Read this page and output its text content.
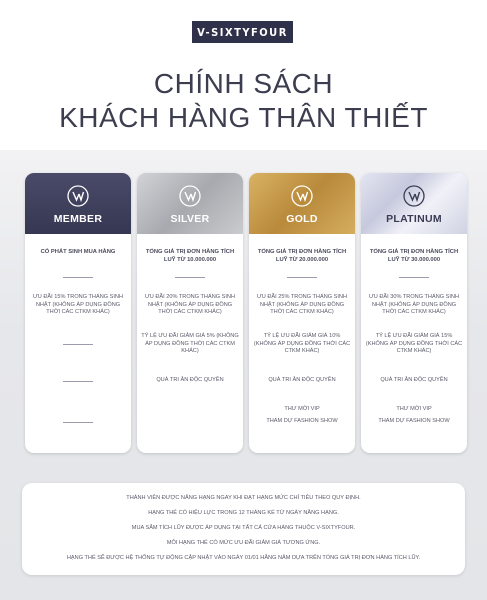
V-SIXTYFOUR
CHÍNH SÁCH
KHÁCH HÀNG THÂN THIẾT
MEMBER
CÓ PHÁT SINH MUA HÀNG
ƯU ĐÃI 15% TRONG THÁNG SINH NHẬT (KHÔNG ÁP DỤNG ĐỒNG THỜI CÁC CTKM KHÁC)
SILVER
TỔNG GIÁ TRỊ ĐƠN HÀNG TÍCH LUỸ TỪ 10.000.000
ƯU ĐÃI 20% TRONG THÁNG SINH NHẬT (KHÔNG ÁP DỤNG ĐỒNG THỜI CÁC CTKM KHÁC)
TỶ LỆ ƯU ĐÃI GIẢM GIÁ 5% (KHÔNG ÁP DỤNG ĐỒNG THỜI CÁC CTKM KHÁC)
QUÀ TRI ÂN ĐỘC QUYỀN
GOLD
TỔNG GIÁ TRỊ ĐƠN HÀNG TÍCH LUỸ TỪ 20.000.000
ƯU ĐÃI 25% TRONG THÁNG SINH NHẬT (KHÔNG ÁP DỤNG ĐỒNG THỜI CÁC CTKM KHÁC)
TỶ LỆ ƯU ĐÃI GIẢM GIÁ 10% (KHÔNG ÁP DỤNG ĐỒNG THỜI CÁC CTKM KHÁC)
QUÀ TRI ÂN ĐỘC QUYỀN
THƯ MỜI VIP
THAM DỰ FASHION SHOW
PLATINUM
TỔNG GIÁ TRỊ ĐƠN HÀNG TÍCH LUỸ TỪ 30.000.000
ƯU ĐÃI 30% TRONG THÁNG SINH NHẬT (KHÔNG ÁP DỤNG ĐỒNG THỜI CÁC CTKM KHÁC)
TỶ LỆ ƯU ĐÃI GIẢM GIÁ 15% (KHÔNG ÁP DỤNG ĐỒNG THỜI CÁC CTKM KHÁC)
QUÀ TRI ÂN ĐỘC QUYỀN
THƯ MỜI VIP
THAM DỰ FASHION SHOW
THÀNH VIÊN ĐƯỢC NÂNG HẠNG NGAY KHI ĐẠT HẠNG MỨC CHỈ TIÊU THEO QUY ĐỊNH.
HẠNG THẺ CÓ HIỆU LỰC TRONG 12 THÁNG KỂ TỪ NGÀY NÂNG HẠNG.
MUA SẮM TÍCH LŨY ĐƯỢC ÁP DỤNG TẠI TẤT CẢ CỬA HÀNG THUỘC V-SIXTYFOUR.
MỖI HẠNG THẺ CÓ MỨC ƯU ĐÃI GIẢM GIÁ TƯƠNG ỨNG.
HẠNG THẺ SẼ ĐƯỢC HỆ THỐNG TỰ ĐỘNG CẬP NHẬT VÀO NGÀY 01/01 HẰNG NĂM DỰA TRÊN TỔNG GIÁ TRỊ ĐƠN HÀNG TÍCH LŨY.
